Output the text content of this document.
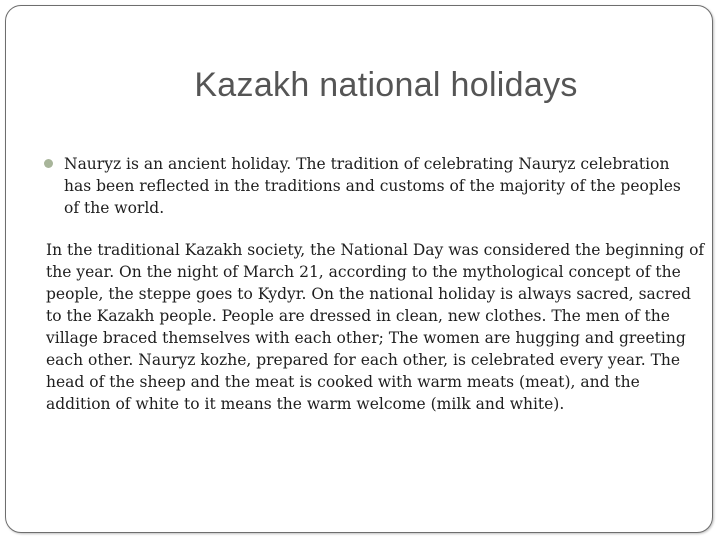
Kazakh national holidays
Nauryz is an ancient holiday. The tradition of celebrating Nauryz celebration has been reflected in the traditions and customs of the majority of the peoples of the world.

In the traditional Kazakh society, the National Day was considered the beginning of the year. On the night of March 21, according to the mythological concept of the people, the steppe goes to Kydyr. On the national holiday is always sacred, sacred to the Kazakh people. People are dressed in clean, new clothes. The men of the village braced themselves with each other; The women are hugging and greeting each other. Nauryz kozhe, prepared for each other, is celebrated every year. The head of the sheep and the meat is cooked with warm meats (meat), and the addition of white to it means the warm welcome (milk and white).
